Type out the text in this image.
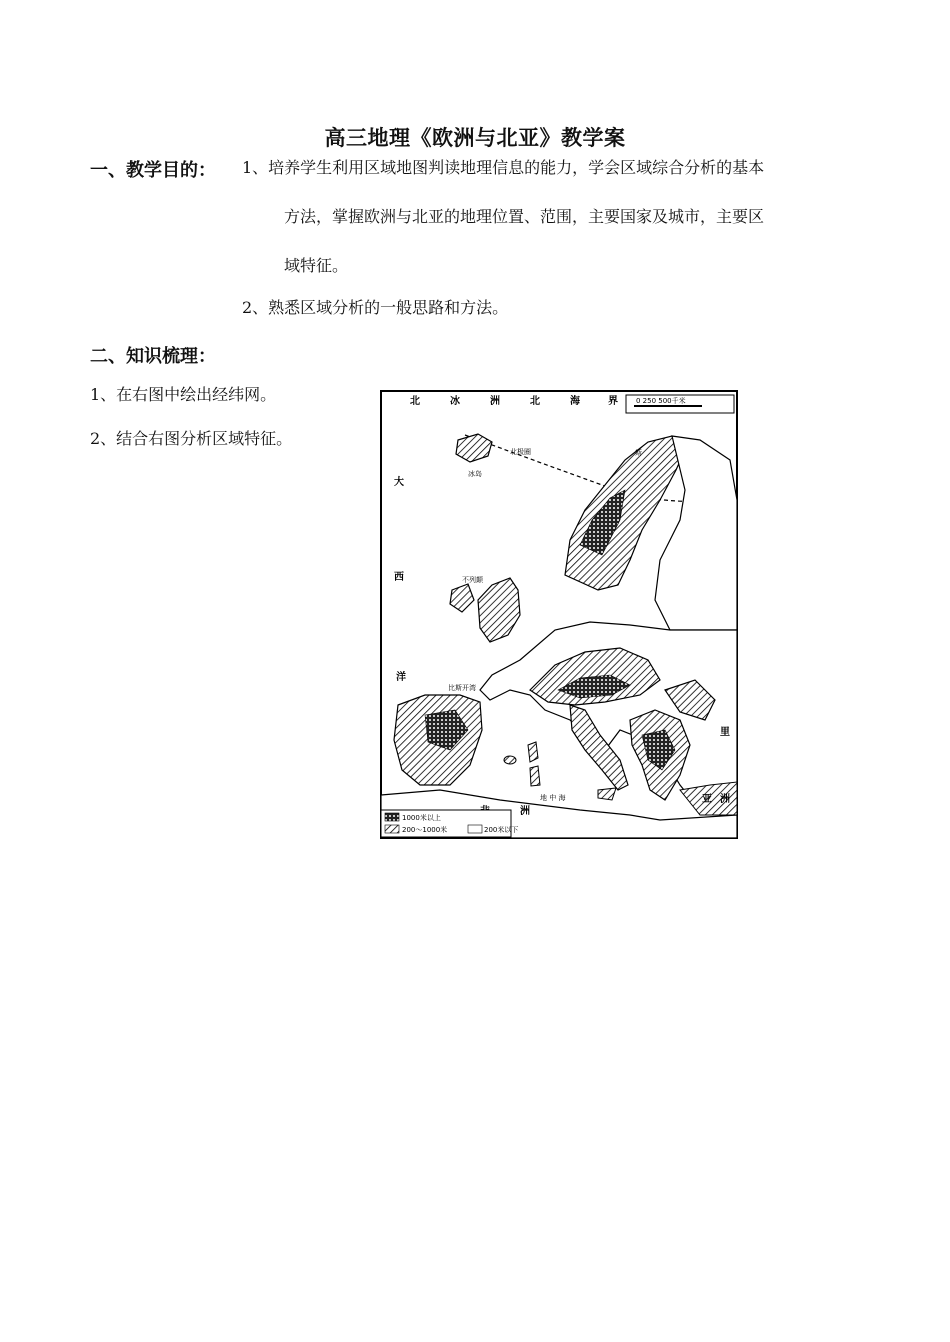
高三地理《欧洲与北亚》教学案
一、教学目的： 1、培养学生利用区域地图判读地理信息的能力，学会区域综合分析的基本
方法，掌握欧洲与北亚的地理位置、范围，主要国家及城市，主要区
域特征。
2、熟悉区域分析的一般思路和方法。
二、知识梳理：
1、在右图中绘出经纬网。
2、结合右图分析区域特征。
0 250 500千米
北极圈
冰岛
不列颠
北	冰	洲	北	海	界
大
西
洋
比斯开湾
地 中 海
洲
亚 洲
里
斯
1000米以上
200～1000米	200米以下
